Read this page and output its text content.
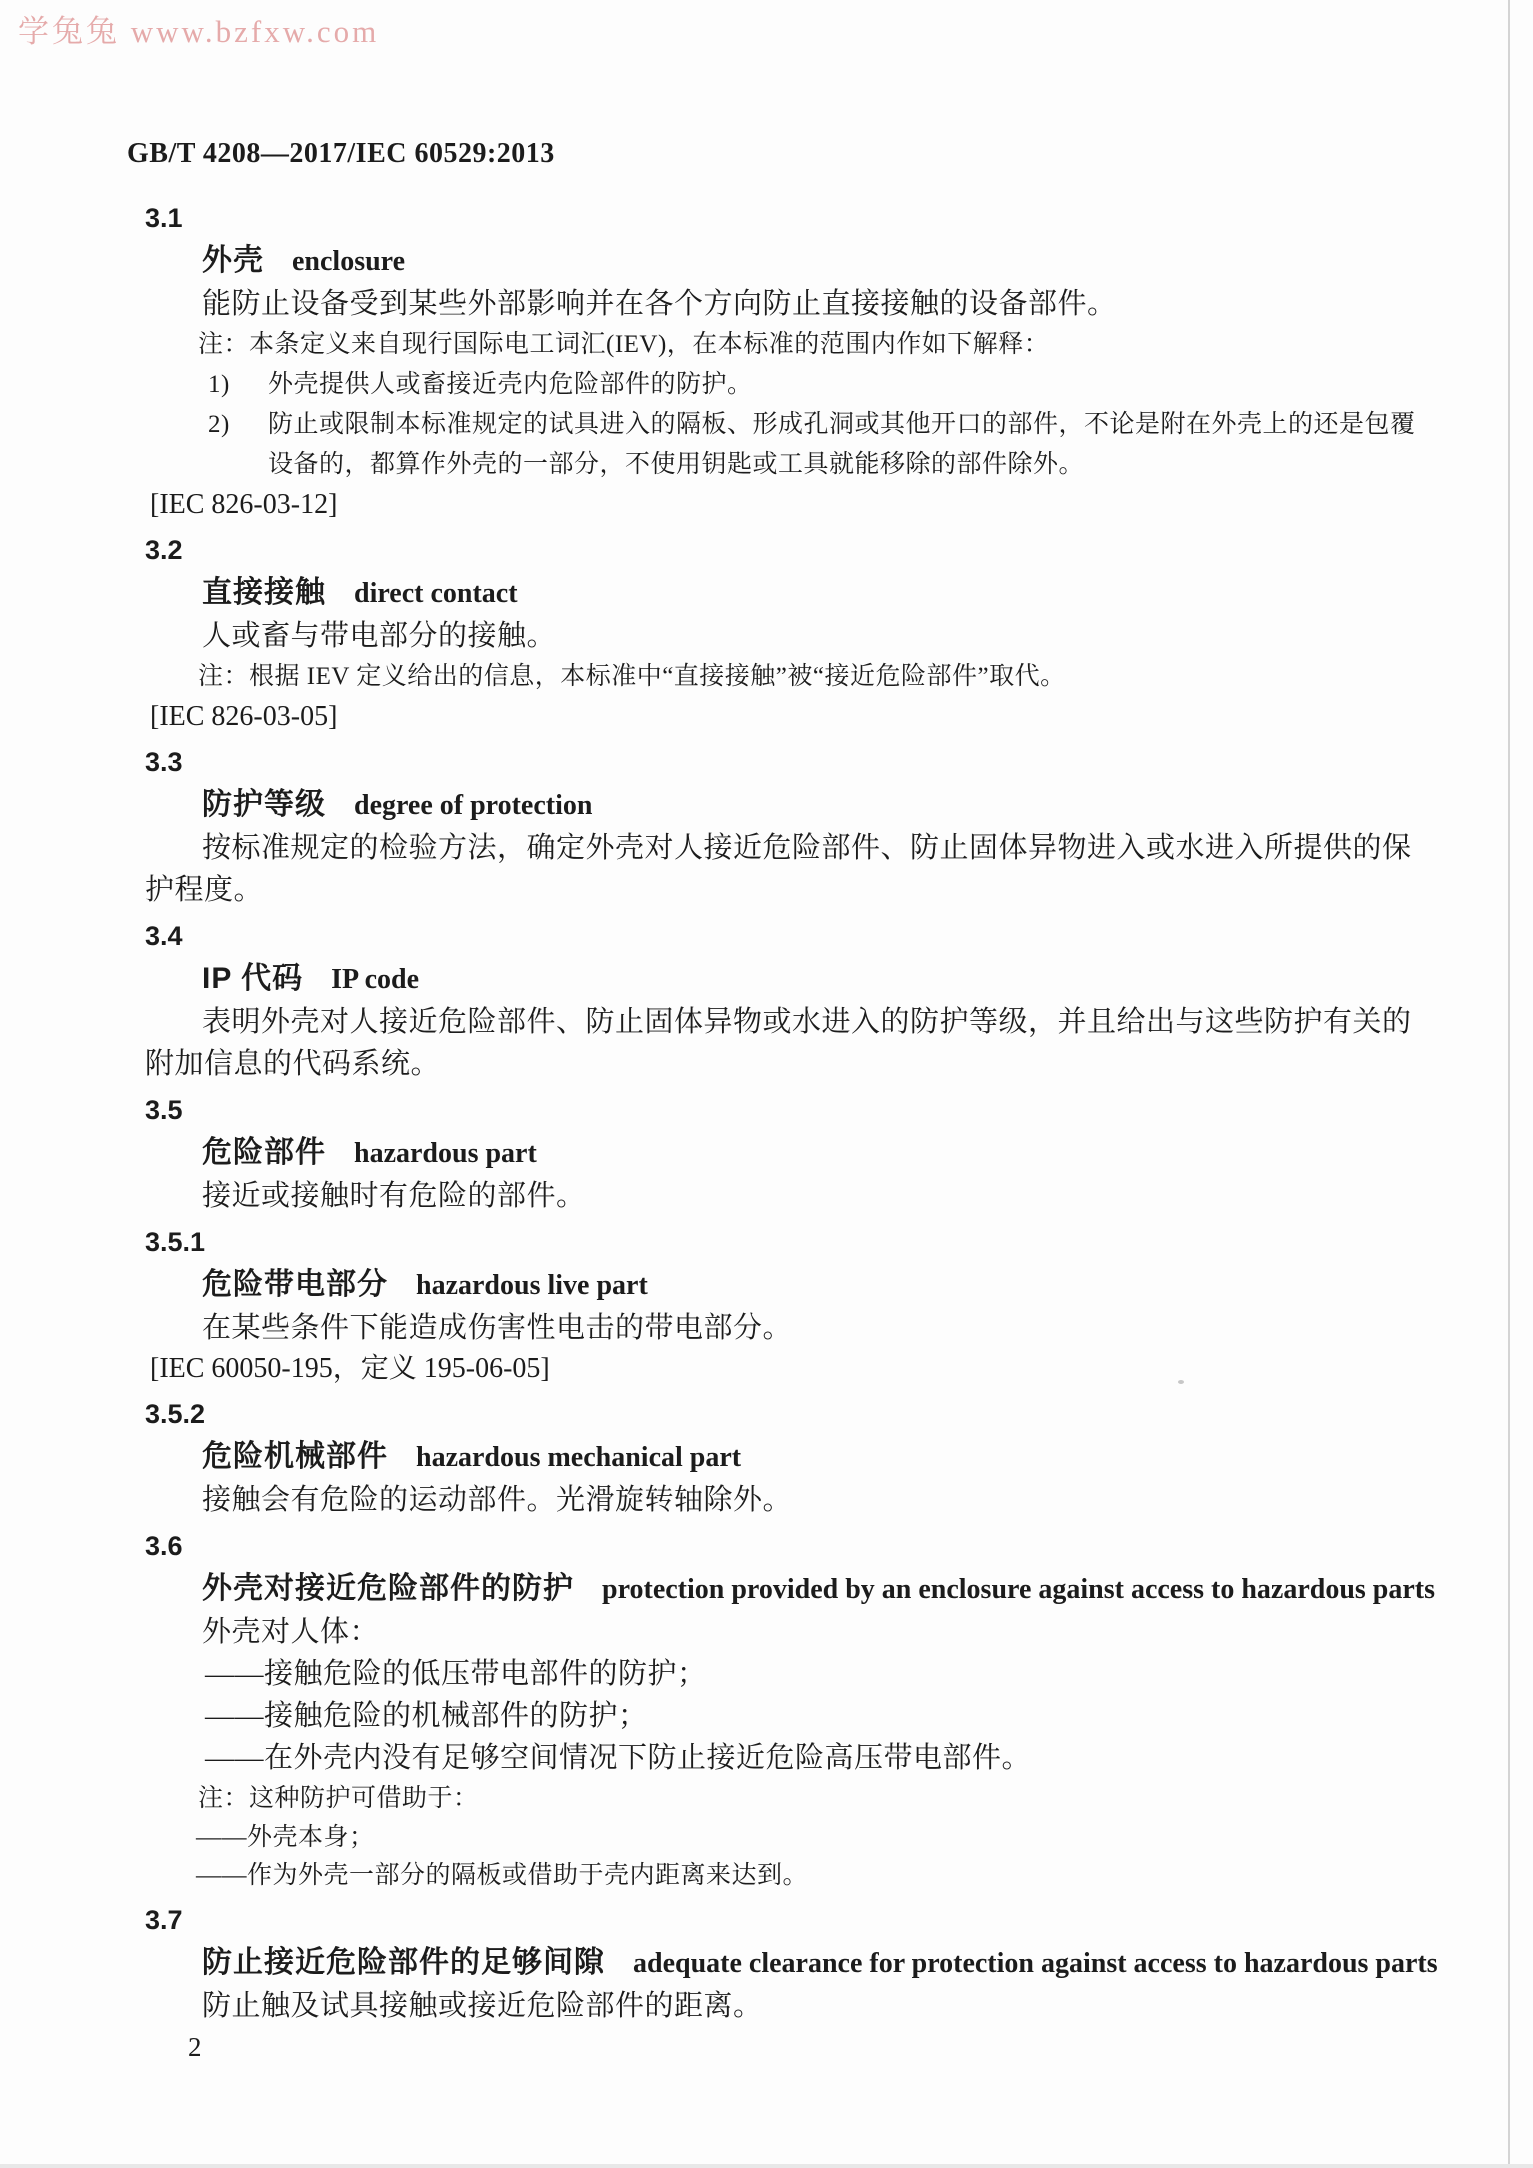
学兔兔 www.bzfxw.com
GB/T 4208—2017/IEC 60529:2013
3.1
外壳 enclosure
能防止设备受到某些外部影响并在各个方向防止直接接触的设备部件。
注：本条定义来自现行国际电工词汇(IEV)，在本标准的范围内作如下解释：
1) 外壳提供人或畜接近壳内危险部件的防护。
2) 防止或限制本标准规定的试具进入的隔板、形成孔洞或其他开口的部件，不论是附在外壳上的还是包覆设备的，都算作外壳的一部分，不使用钥匙或工具就能移除的部件除外。
[IEC 826-03-12]
3.2
直接接触 direct contact
人或畜与带电部分的接触。
注：根据 IEV 定义给出的信息，本标准中“直接接触”被“接近危险部件”取代。
[IEC 826-03-05]
3.3
防护等级 degree of protection
按标准规定的检验方法，确定外壳对人接近危险部件、防止固体异物进入或水进入所提供的保护程度。
3.4
IP 代码 IP code
表明外壳对人接近危险部件、防止固体异物或水进入的防护等级，并且给出与这些防护有关的附加信息的代码系统。
3.5
危险部件 hazardous part
接近或接触时有危险的部件。
3.5.1
危险带电部分 hazardous live part
在某些条件下能造成伤害性电击的带电部分。
[IEC 60050-195，定义 195-06-05]
3.5.2
危险机械部件 hazardous mechanical part
接触会有危险的运动部件。光滑旋转轴除外。
3.6
外壳对接近危险部件的防护 protection provided by an enclosure against access to hazardous parts
外壳对人体：
——接触危险的低压带电部件的防护；
——接触危险的机械部件的防护；
——在外壳内没有足够空间情况下防止接近危险高压带电部件。
注：这种防护可借助于：
——外壳本身；
——作为外壳一部分的隔板或借助于壳内距离来达到。
3.7
防止接近危险部件的足够间隙 adequate clearance for protection against access to hazardous parts
防止触及试具接触或接近危险部件的距离。
2
